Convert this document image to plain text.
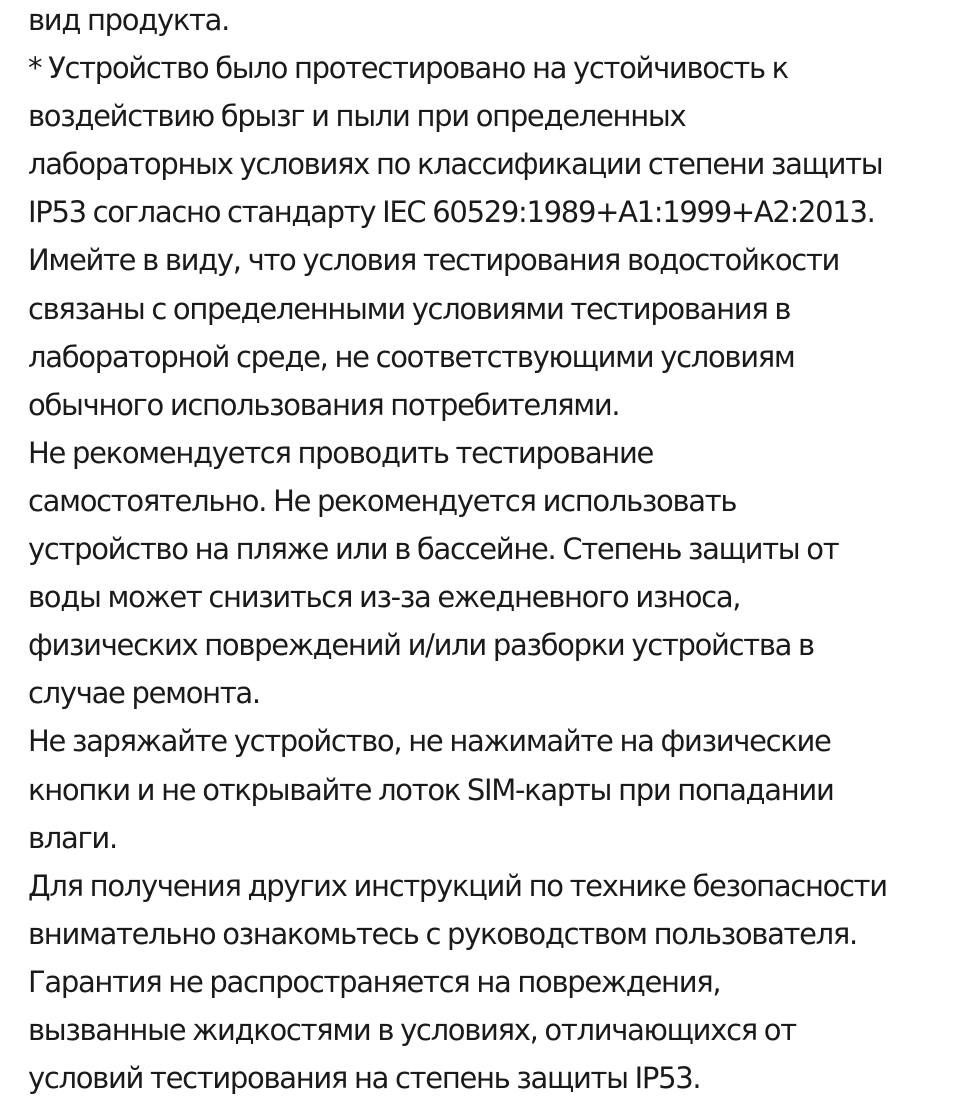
вид продукта.
* Устройство было протестировано на устойчивость к
воздействию брызг и пыли при определенных
лабораторных условиях по классификации степени защиты
IP53 согласно стандарту IEC 60529:1989+A1:1999+A2:2013.
Имейте в виду, что условия тестирования водостойкости
связаны с определенными условиями тестирования в
лабораторной среде, не соответствующими условиям
обычного использования потребителями.
Не рекомендуется проводить тестирование
самостоятельно. Не рекомендуется использовать
устройство на пляже или в бассейне. Степень защиты от
воды может снизиться из-за ежедневного износа,
физических повреждений и/или разборки устройства в
случае ремонта.
Не заряжайте устройство, не нажимайте на физические
кнопки и не открывайте лоток SIM-карты при попадании
влаги.
Для получения других инструкций по технике безопасности
внимательно ознакомьтесь с руководством пользователя.
Гарантия не распространяется на повреждения,
вызванные жидкостями в условиях, отличающихся от
условий тестирования на степень защиты IP53.
